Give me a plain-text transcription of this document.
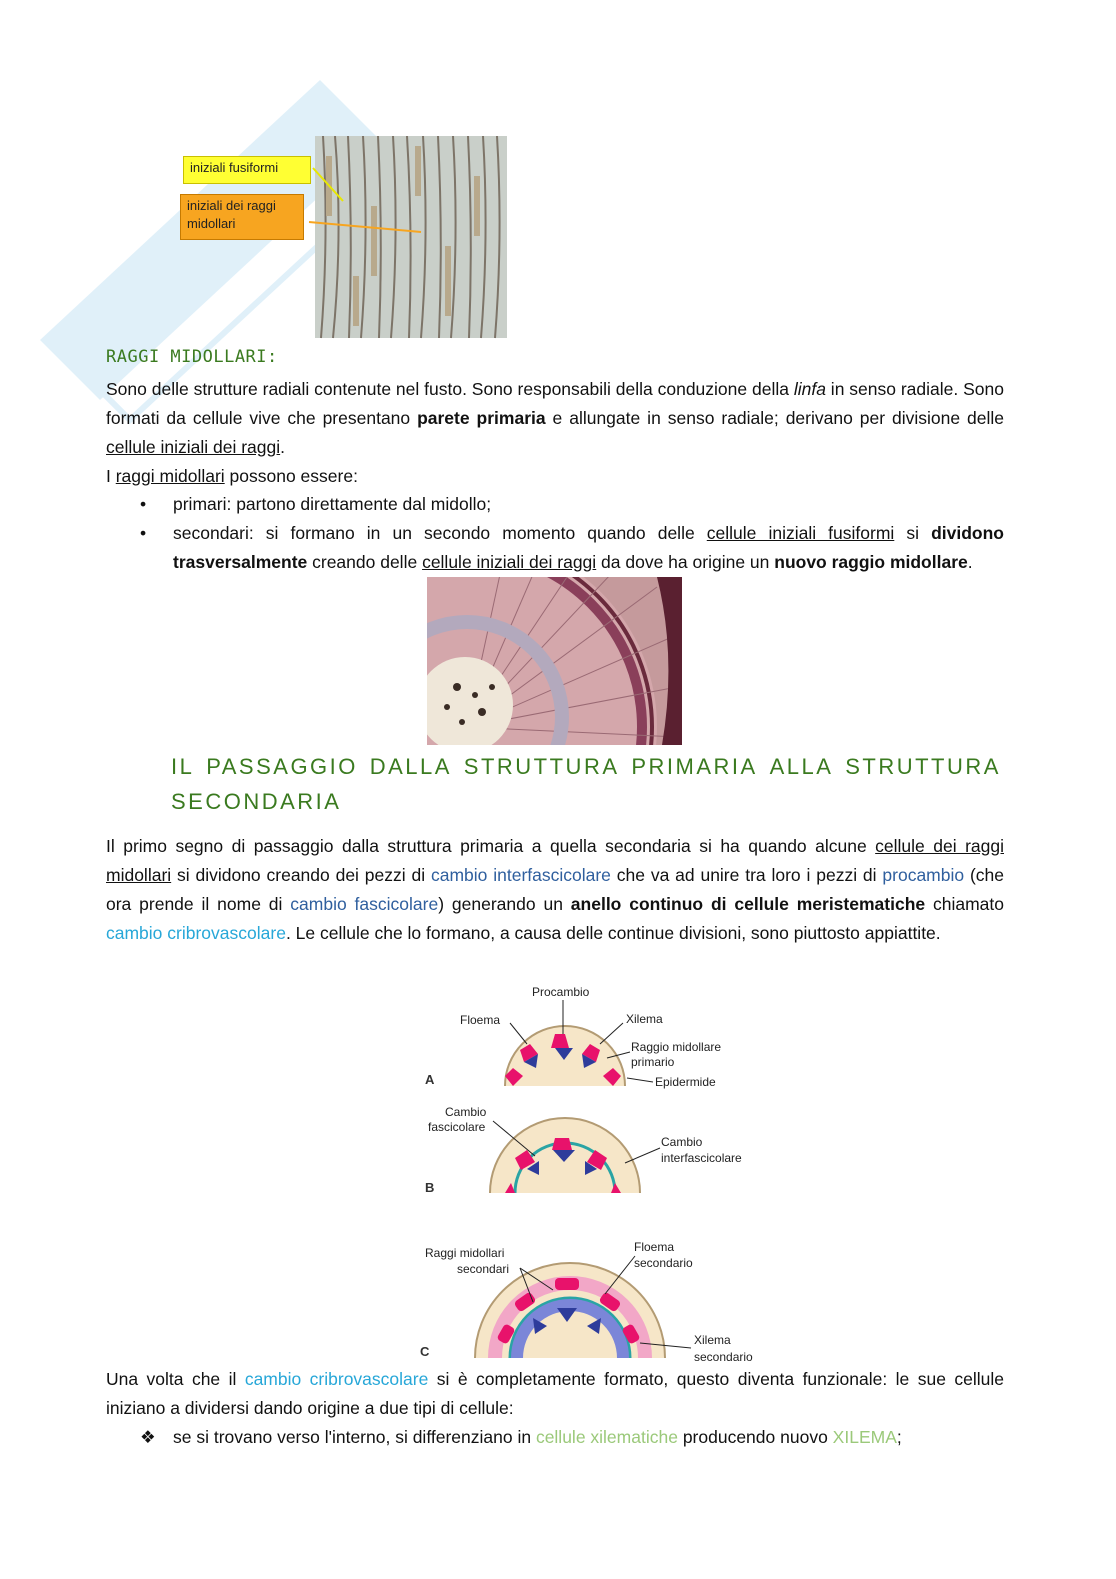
iniziali fusiformi
iniziali dei raggi
midollari
RAGGI MIDOLLARI:

Sono delle strutture radiali contenute nel fusto. Sono responsabili della conduzione della linfa in senso radiale. Sono formati da cellule vive che presentano parete primaria e allungate in senso radiale; derivano per divisione delle cellule iniziali dei raggi.

I raggi midollari possono essere:

• primari: partono direttamente dal midollo;
• secondari: si formano in un secondo momento quando delle cellule iniziali fusiformi si dividono trasversalmente creando delle cellule iniziali dei raggi da dove ha origine un nuovo raggio midollare.
IL PASSAGGIO DALLA STRUTTURA PRIMARIA ALLA STRUTTURA
SECONDARIA

Il primo segno di passaggio dalla struttura primaria a quella secondaria si ha quando alcune cellule dei raggi midollari si dividono creando dei pezzi di cambio interfascicolare che va ad unire tra loro i pezzi di procambio (che ora prende il nome di cambio fascicolare) generando un anello continuo di cellule meristematiche chiamato cambio cribrovascolare. Le cellule che lo formano, a causa delle continue divisioni, sono piuttosto appiattite.

Procambio
Floema	Xilema
Raggio midollare
primario
Epidermide
A
Cambio
fascicolare
Cambio
interfascicolare
B
Raggi midollari
secondari
Floema
secondario
Xilema
secondario
C

Una volta che il cambio cribrovascolare si è completamente formato, questo diventa funzionale: le sue cellule iniziano a dividersi dando origine a due tipi di cellule:

❖ se si trovano verso l'interno, si differenziano in cellule xilematiche producendo nuovo XILEMA;
